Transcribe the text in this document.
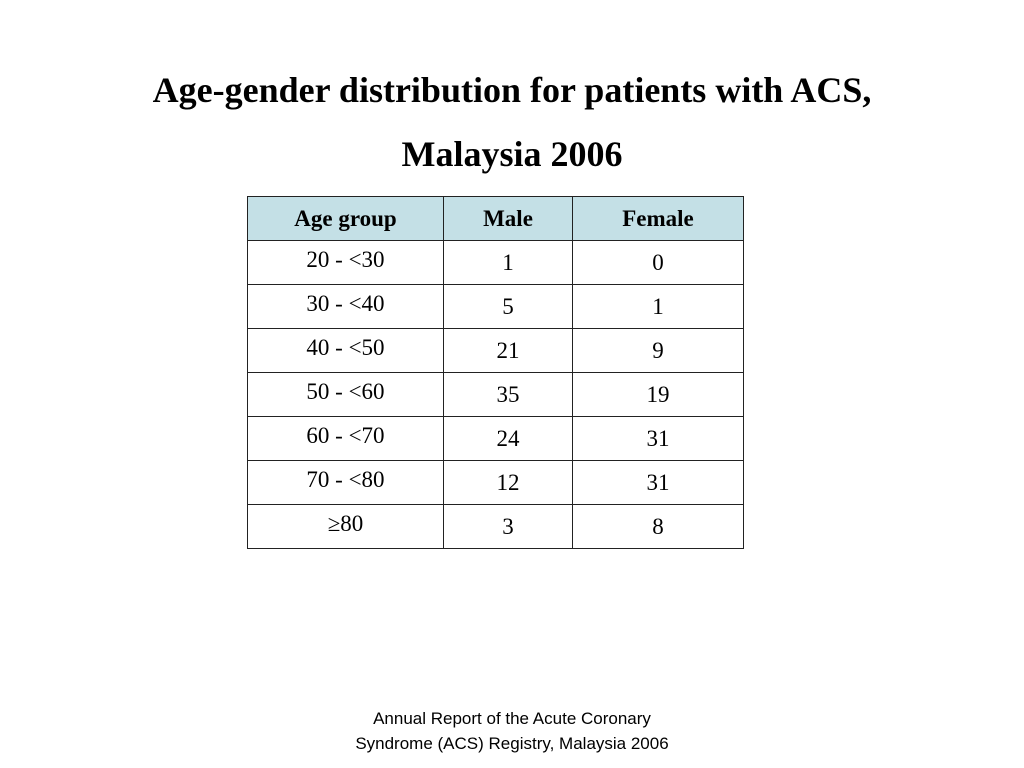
Age-gender distribution for patients with ACS,
Malaysia 2006
Age group	Male	Female
20 - <30	1	0
30 - <40	5	1
40 - <50	21	9
50 - <60	35	19
60 - <70	24	31
70 - <80	12	31
≥80	3	8

Annual Report of the Acute Coronary
Syndrome (ACS) Registry, Malaysia 2006
